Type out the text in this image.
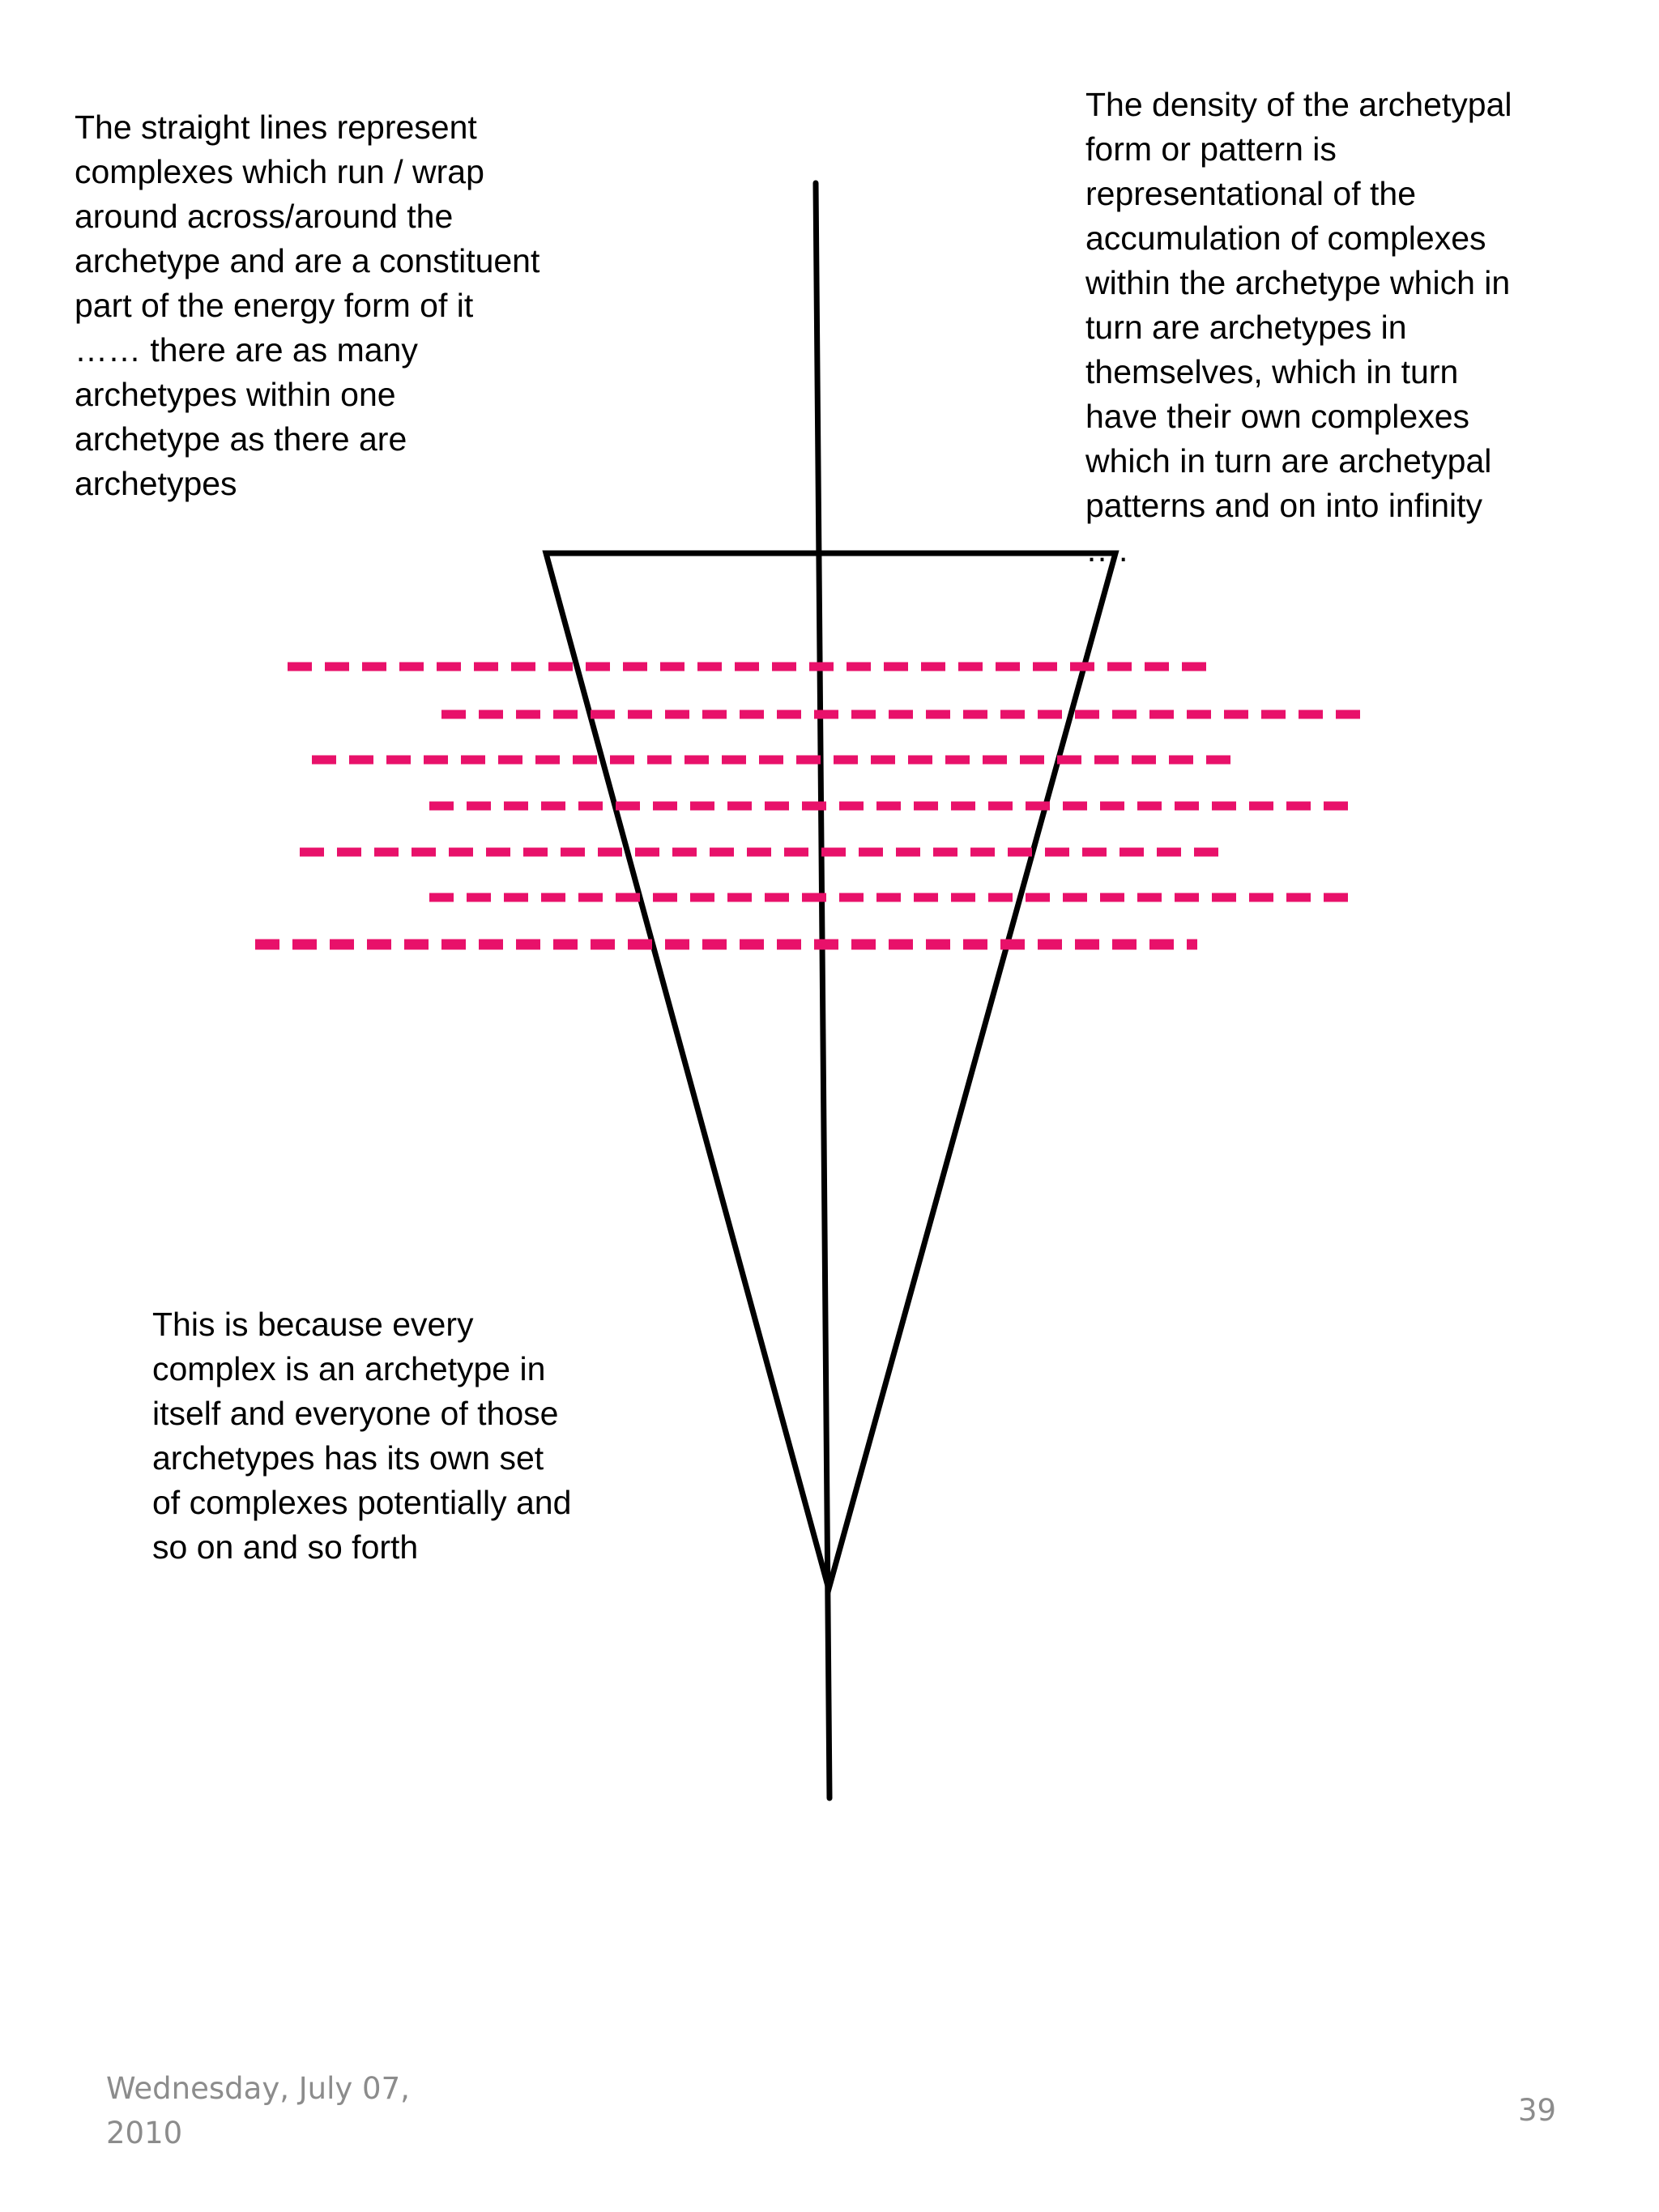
The straight lines represent
complexes which run / wrap
around across/around the
archetype and are a constituent
part of the energy form of it
…… there are as many
archetypes within one
archetype as there are
archetypes

The density of the archetypal
form or pattern is
representational of the
accumulation of complexes
within the archetype which in
turn are archetypes in
themselves, which in turn
have their own complexes
which in turn are archetypal
patterns and on into infinity
….

This is because every
complex is an archetype in
itself and everyone of those
archetypes has its own set
of complexes potentially and
so on and so forth

Wednesday, July 07,
2010

39
